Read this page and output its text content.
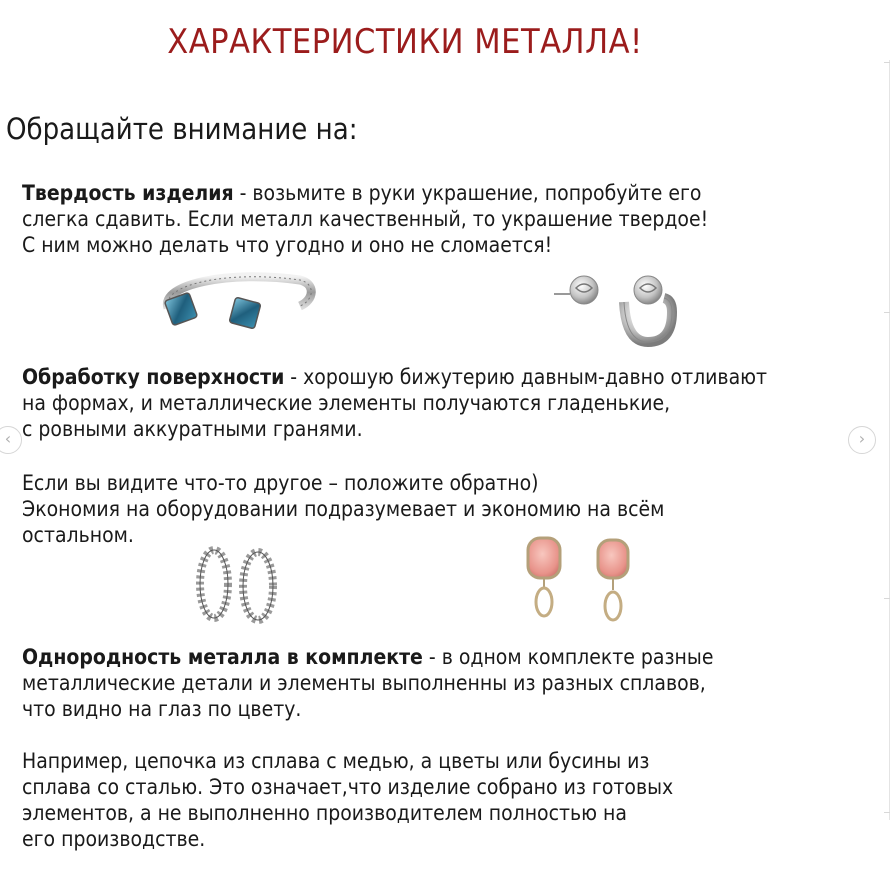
ХАРАКТЕРИСТИКИ МЕТАЛЛА!
Обращайте внимание на:
Твердость изделия - возьмите в руки украшение, попробуйте его
слегка сдавить. Если металл качественный, то украшение твердое!
С ним можно делать что угодно и оно не сломается!
Обработку поверхности - хорошую бижутерию давным-давно отливают
на формах, и металлические элементы получаются гладенькие,
с ровными аккуратными гранями.
Если вы видите что-то другое – положите обратно)
Экономия на оборудовании подразумевает и экономию на всём
остальном.
Однородность металла в комплекте - в одном комплекте разные
металлические детали и элементы выполненны из разных сплавов,
что видно на глаз по цвету.
Например, цепочка из сплава с медью, а цветы или бусины из
сплава со сталью. Это означает,что изделие собрано из готовых
элементов, а не выполненно производителем полностью на
его производстве.
‹	›
